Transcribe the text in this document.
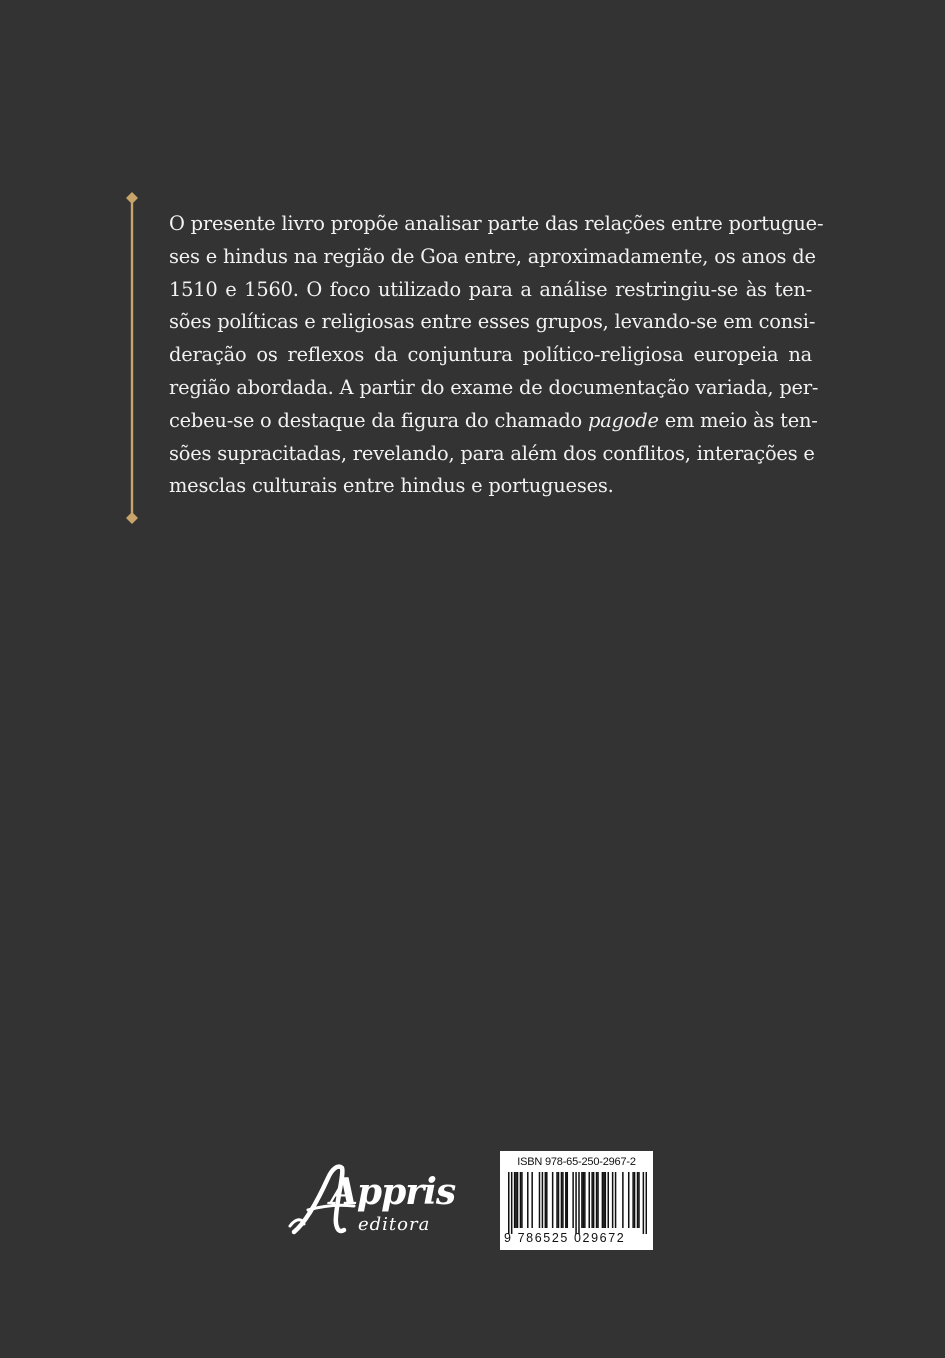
O presente livro propõe analisar parte das relações entre portugue-
ses e hindus na região de Goa entre, aproximadamente, os anos de
1510 e 1560. O foco utilizado para a análise restringiu-se às ten-
sões políticas e religiosas entre esses grupos, levando-se em consi-
deração os reflexos da conjuntura político-religiosa europeia na
região abordada. A partir do exame de documentação variada, per-
cebeu-se o destaque da figura do chamado pagode em meio às ten-
sões supracitadas, revelando, para além dos conflitos, interações e
mesclas culturais entre hindus e portugueses.

Appris
editora
ISBN 978-65-250-2967-2
9 786525 029672
